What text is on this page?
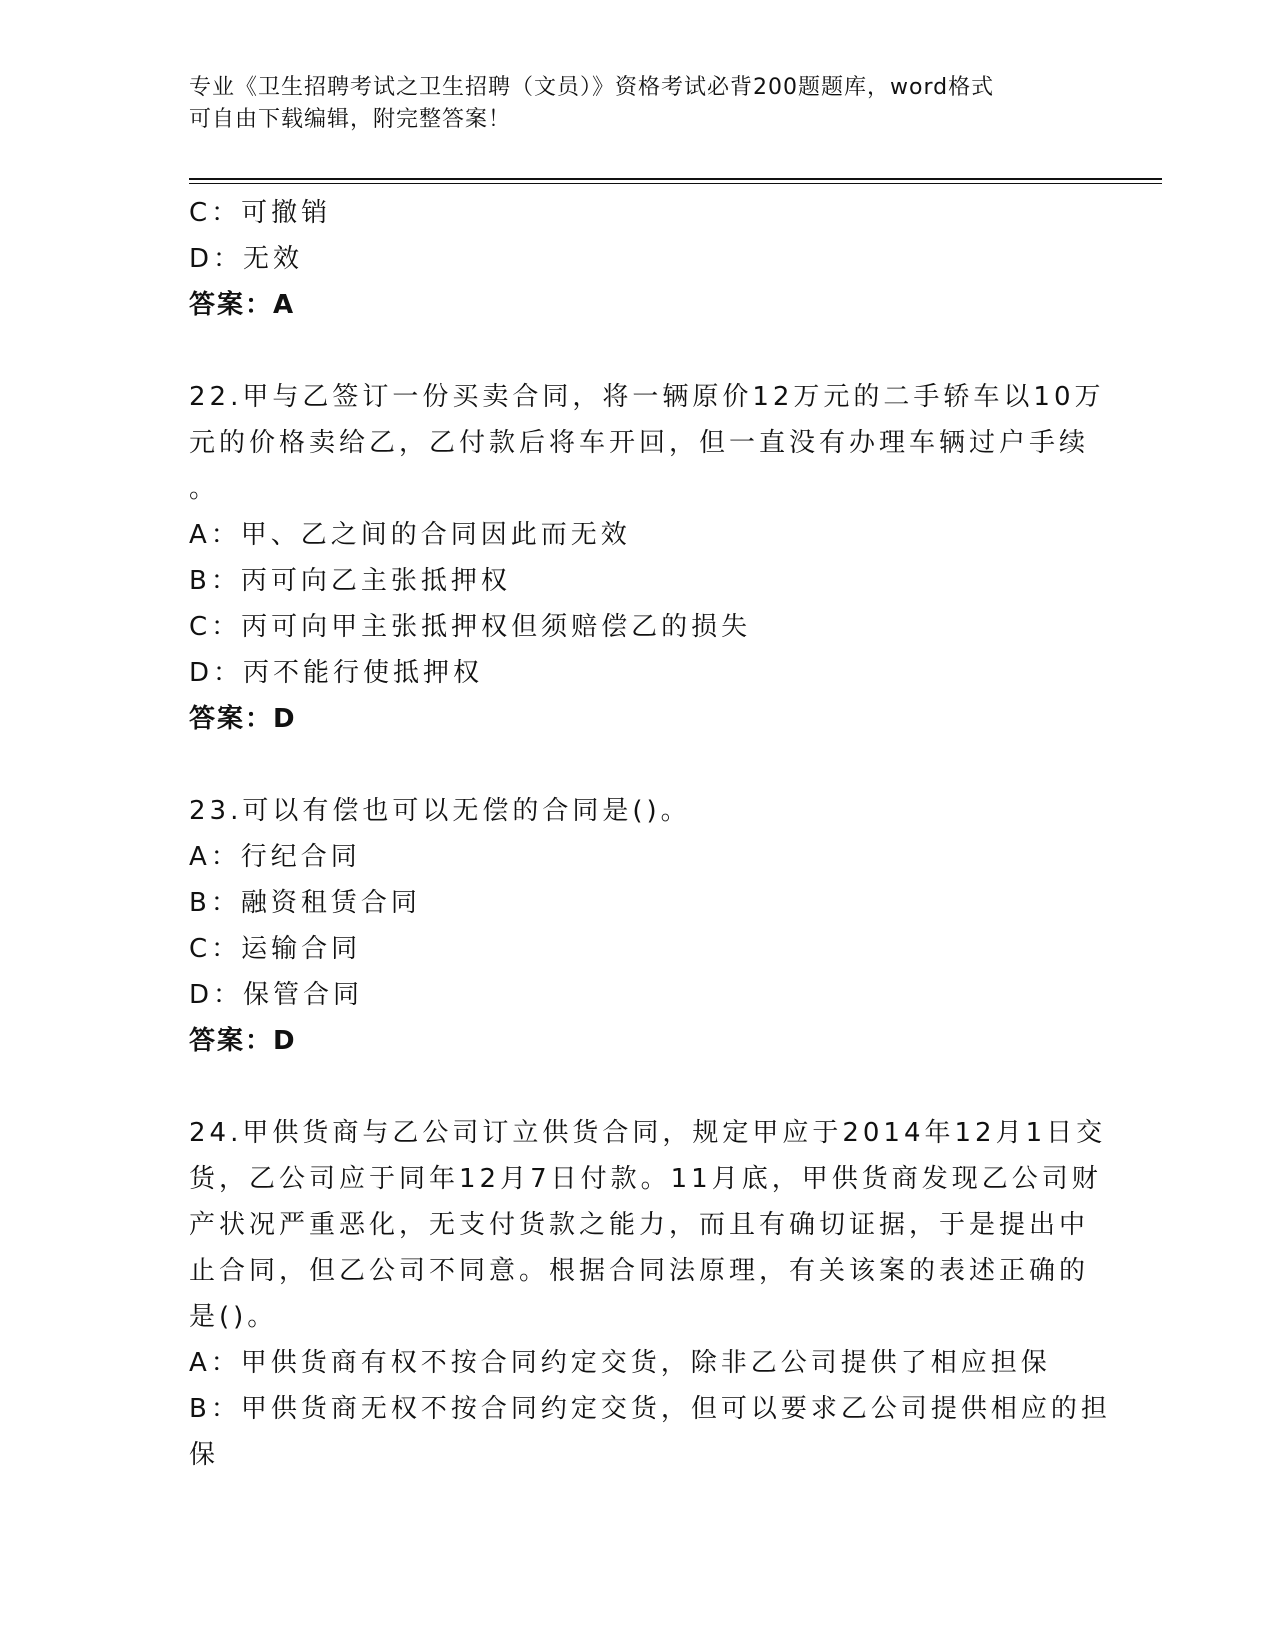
专业《卫生招聘考试之卫生招聘（文员）》资格考试必背200题题库，word格式
可自由下载编辑，附完整答案！
C：可撤销
D：无效
答案：A
22.甲与乙签订一份买卖合同，将一辆原价12万元的二手轿车以10万
元的价格卖给乙，乙付款后将车开回，但一直没有办理车辆过户手续
。
A：甲、乙之间的合同因此而无效
B：丙可向乙主张抵押权
C：丙可向甲主张抵押权但须赔偿乙的损失
D：丙不能行使抵押权
答案：D
23.可以有偿也可以无偿的合同是()。
A：行纪合同
B：融资租赁合同
C：运输合同
D：保管合同
答案：D
24.甲供货商与乙公司订立供货合同，规定甲应于2014年12月1日交
货，乙公司应于同年12月7日付款。11月底，甲供货商发现乙公司财
产状况严重恶化，无支付货款之能力，而且有确切证据，于是提出中
止合同，但乙公司不同意。根据合同法原理，有关该案的表述正确的
是()。
A：甲供货商有权不按合同约定交货，除非乙公司提供了相应担保
B：甲供货商无权不按合同约定交货，但可以要求乙公司提供相应的担
保
